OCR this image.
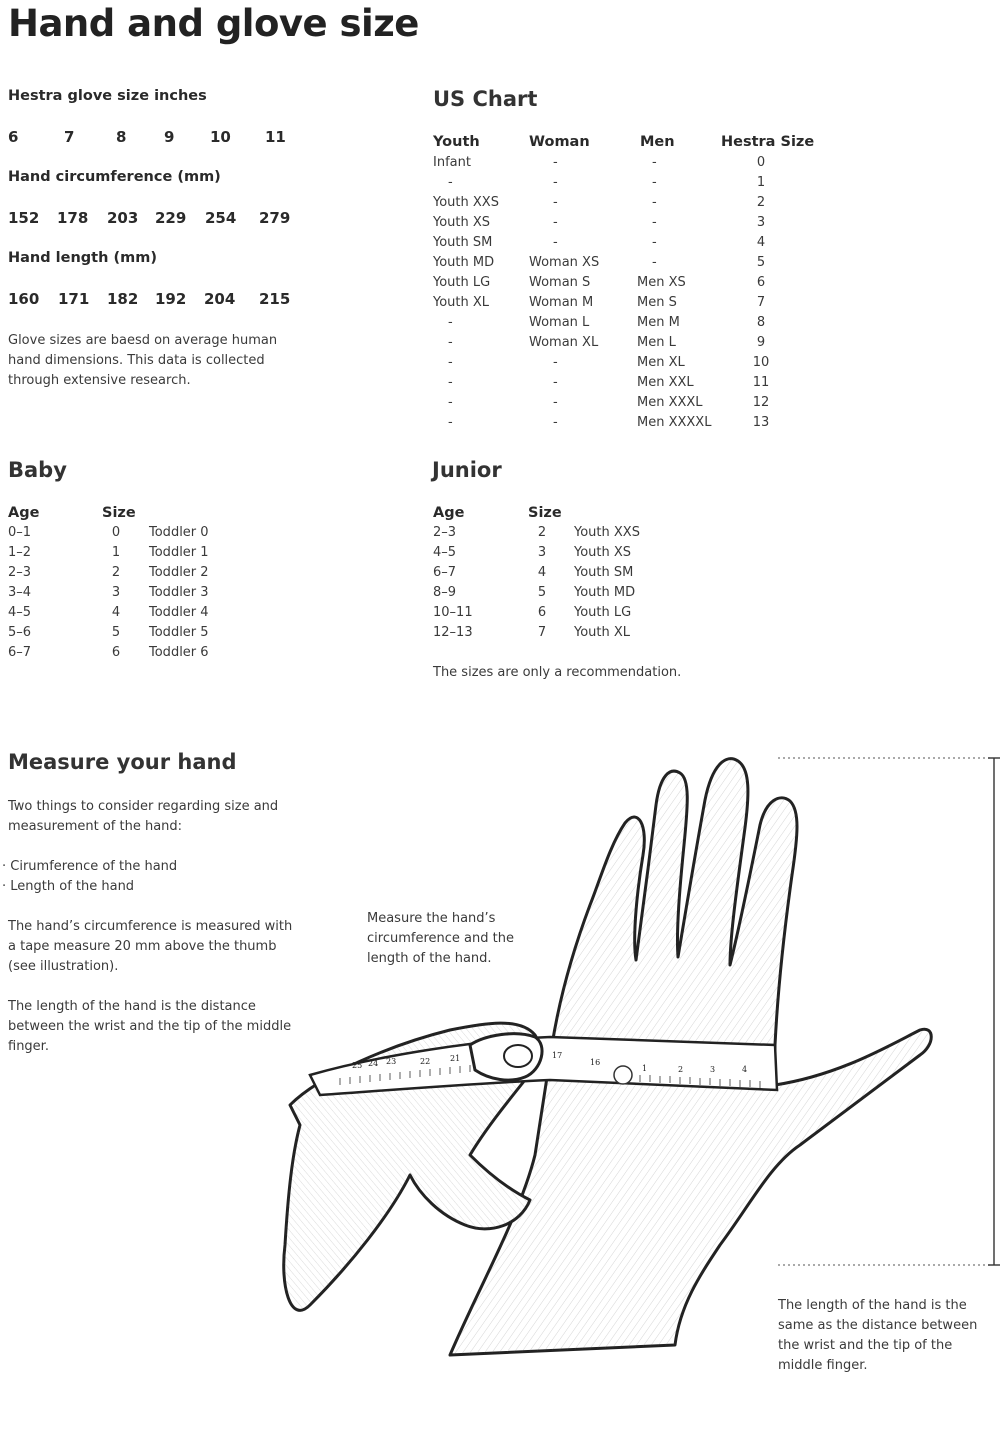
Hand and glove size
Hestra glove size inches
6	7	8	9 10 11
Hand circumference (mm)
152 178 203 229 254 279
Hand length (mm)
160 171 182 192 204 215
Glove sizes are baesd on average human hand dimensions. This data is collected through extensive research.
US Chart
Youth	Woman	Men	Hestra Size
Infant	-	-	0
-	-	-	1
Youth XXS	-	-	2
Youth XS	-	-	3
Youth SM	-	-	4
Youth MD	Woman XS	-	5
Youth LG	Woman S	Men XS	6
Youth XL	Woman M	Men S	7
-	Woman L	Men M	8
-	Woman XL	Men L	9
-	-	Men XL	10
-	-	Men XXL	11
-	-	Men XXXL	12
-	-	Men XXXXL	13
Baby
Age	Size
0–1	0	Toddler 0
1–2	1	Toddler 1
2–3	2	Toddler 2
3–4	3	Toddler 3
4–5	4	Toddler 4
5–6	5	Toddler 5
6–7	6	Toddler 6
Junior
Age	Size
2–3	2	Youth XXS
4–5	3	Youth XS
6–7	4	Youth SM
8–9	5	Youth MD
10–11	6	Youth LG
12–13	7	Youth XL
The sizes are only a recommendation.
Measure your hand
Two things to consider regarding size and measurement of the hand:
· Cirumference of the hand
· Length of the hand
The hand’s circumference is measured with a tape measure 20 mm above the thumb (see illustration).
The length of the hand is the distance between the wrist and the tip of the middle finger.
Measure the hand’s circumference and the length of the hand.
The length of the hand is the same as the distance between the wrist and the tip of the middle finger.
25 24 23	22 21	17
16
1	2	3	4
